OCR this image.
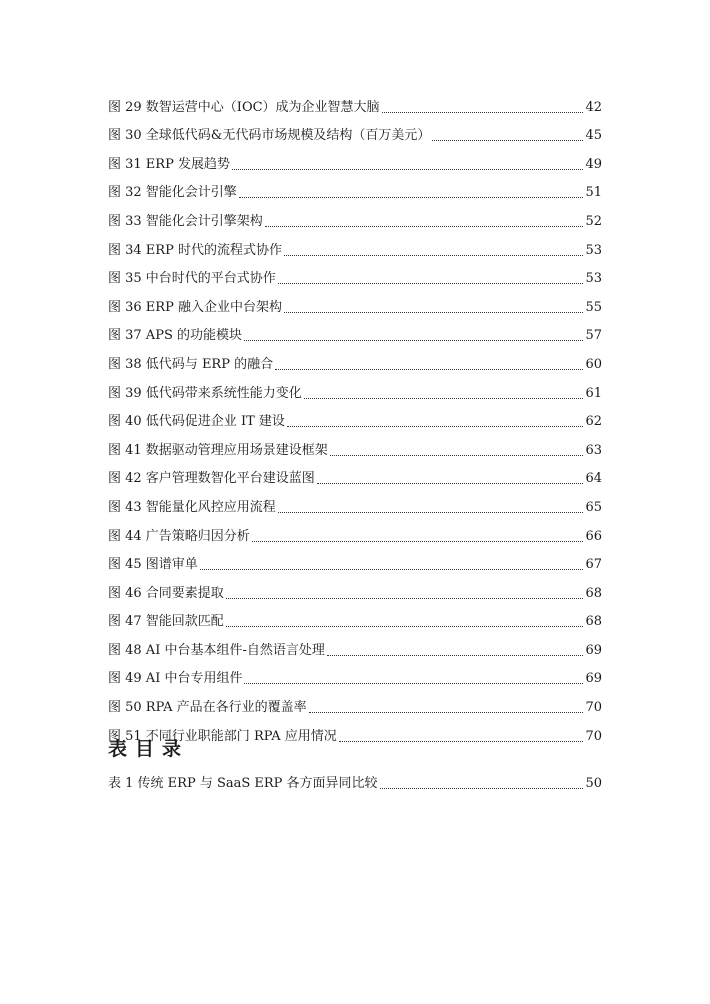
图 29 数智运营中心（IOC）成为企业智慧大脑	42
图 30 全球低代码&无代码市场规模及结构（百万美元）	45
图 31 ERP 发展趋势	49
图 32 智能化会计引擎	51
图 33 智能化会计引擎架构	52
图 34 ERP 时代的流程式协作	53
图 35 中台时代的平台式协作	53
图 36 ERP 融入企业中台架构	55
图 37 APS 的功能模块	57
图 38 低代码与 ERP 的融合	60
图 39 低代码带来系统性能力变化	61
图 40 低代码促进企业 IT 建设	62
图 41 数据驱动管理应用场景建设框架	63
图 42 客户管理数智化平台建设蓝图	64
图 43 智能量化风控应用流程	65
图 44 广告策略归因分析	66
图 45 图谱审单	67
图 46 合同要素提取	68
图 47 智能回款匹配	68
图 48 AI 中台基本组件-自然语言处理	69
图 49 AI 中台专用组件	69
图 50 RPA 产品在各行业的覆盖率	70
图 51 不同行业职能部门 RPA 应用情况	70
表目录
表 1 传统 ERP 与 SaaS ERP 各方面异同比较	50
